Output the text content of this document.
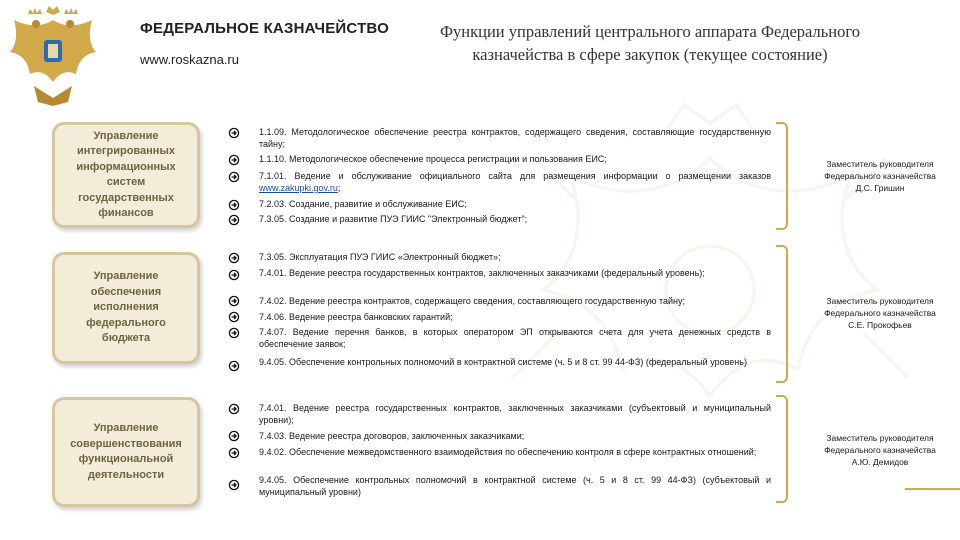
ФЕДЕРАЛЬНОЕ КАЗНАЧЕЙСТВО
www.roskazna.ru
Функции управлений центрального аппарата Федерального
казначейства в сфере закупок (текущее состояние)
Управление интегрированных информационных систем государственных финансов
1.1.09. Методологическое обеспечение реестра контрактов, содержащего сведения, составляющие государственную тайну;
1.1.10. Методологическое обеспечение процесса регистрации и пользования ЕИС;
7.1.01. Ведение и обслуживание официального сайта для размещения информации о размещении заказов www.zakupki.gov.ru;
7.2.03. Создание, развитие и обслуживание ЕИС;
7.3.05. Создание и развитие ПУЭ ГИИС "Электронный бюджет";
Заместитель руководителя Федерального казначейства
Д.С. Гришин
Управление обеспечения исполнения федерального бюджета
7.3.05. Эксплуатация ПУЭ ГИИС «Электронный бюджет»;
7.4.01. Ведение реестра государственных контрактов, заключенных заказчиками (федеральный уровень);
7.4.02. Ведение реестра контрактов, содержащего сведения, составляющего государственную тайну;
7.4.06. Ведение реестра банковских гарантий;
7.4.07. Ведение перечня банков, в которых оператором ЭП открываются счета для учета денежных средств в обеспечение заявок;
9.4.05. Обеспечение контрольных полномочий в контрактной системе (ч. 5 и 8 ст. 99 44-ФЗ) (федеральный уровень)
Заместитель руководителя Федерального казначейства
С.Е. Прокофьев
Управление совершенствования функциональной деятельности
7.4.01. Ведение реестра государственных контрактов, заключенных заказчиками (субъектовый и муниципальный уровни);
7.4.03. Ведение реестра договоров, заключенных заказчиками;
9.4.02. Обеспечение межведомственного взаимодействия по обеспечению контроля в сфере контрактных отношений;
9.4.05. Обеспечение контрольных полномочий в контрактной системе (ч. 5 и 8 ст. 99 44-ФЗ) (субъектовый и муниципальный уровни)
Заместитель руководителя Федерального казначейства
А.Ю. Демидов
